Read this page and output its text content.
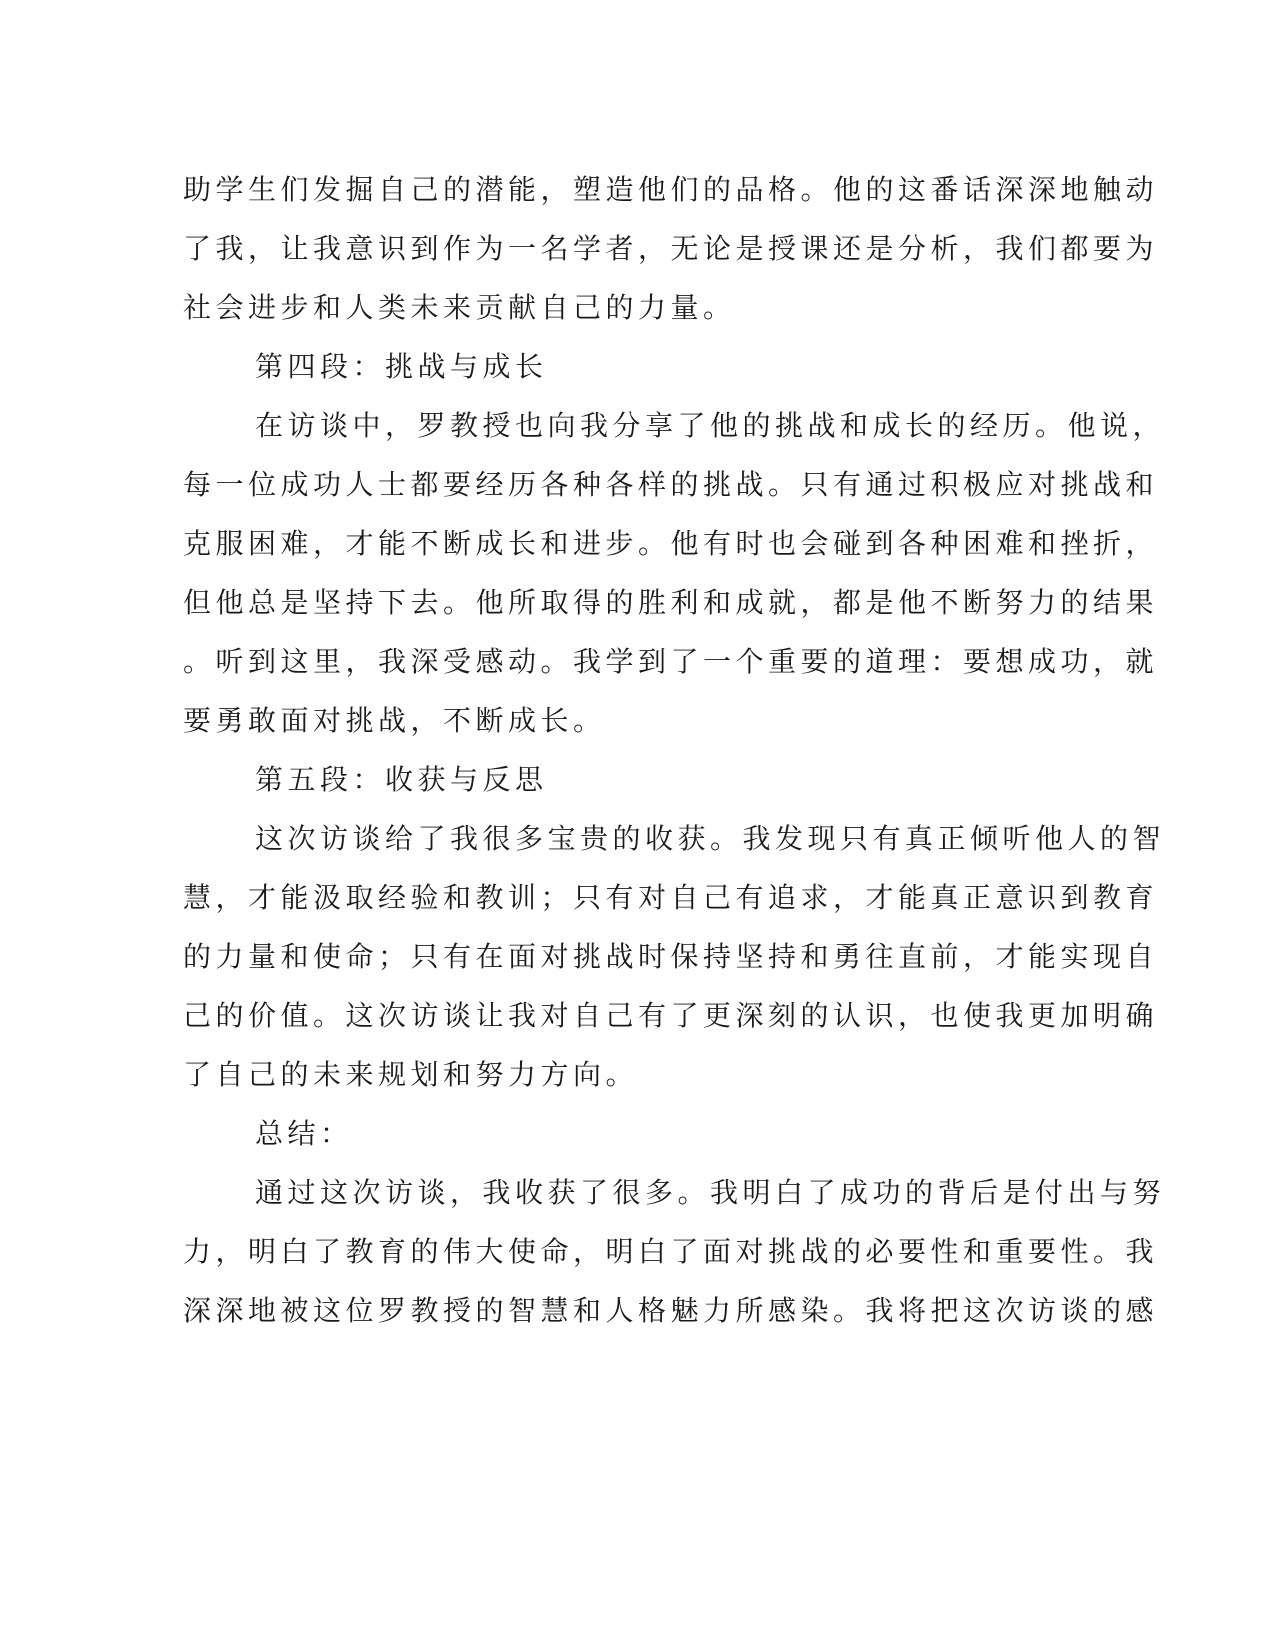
助学生们发掘自己的潜能，塑造他们的品格。他的这番话深深地触动
了我，让我意识到作为一名学者，无论是授课还是分析，我们都要为
社会进步和人类未来贡献自己的力量。
第四段：挑战与成长
在访谈中，罗教授也向我分享了他的挑战和成长的经历。他说，
每一位成功人士都要经历各种各样的挑战。只有通过积极应对挑战和
克服困难，才能不断成长和进步。他有时也会碰到各种困难和挫折，
但他总是坚持下去。他所取得的胜利和成就，都是他不断努力的结果
。听到这里，我深受感动。我学到了一个重要的道理：要想成功，就
要勇敢面对挑战，不断成长。
第五段：收获与反思
这次访谈给了我很多宝贵的收获。我发现只有真正倾听他人的智
慧，才能汲取经验和教训；只有对自己有追求，才能真正意识到教育
的力量和使命；只有在面对挑战时保持坚持和勇往直前，才能实现自
己的价值。这次访谈让我对自己有了更深刻的认识，也使我更加明确
了自己的未来规划和努力方向。
总结：
通过这次访谈，我收获了很多。我明白了成功的背后是付出与努
力，明白了教育的伟大使命，明白了面对挑战的必要性和重要性。我
深深地被这位罗教授的智慧和人格魅力所感染。我将把这次访谈的感
